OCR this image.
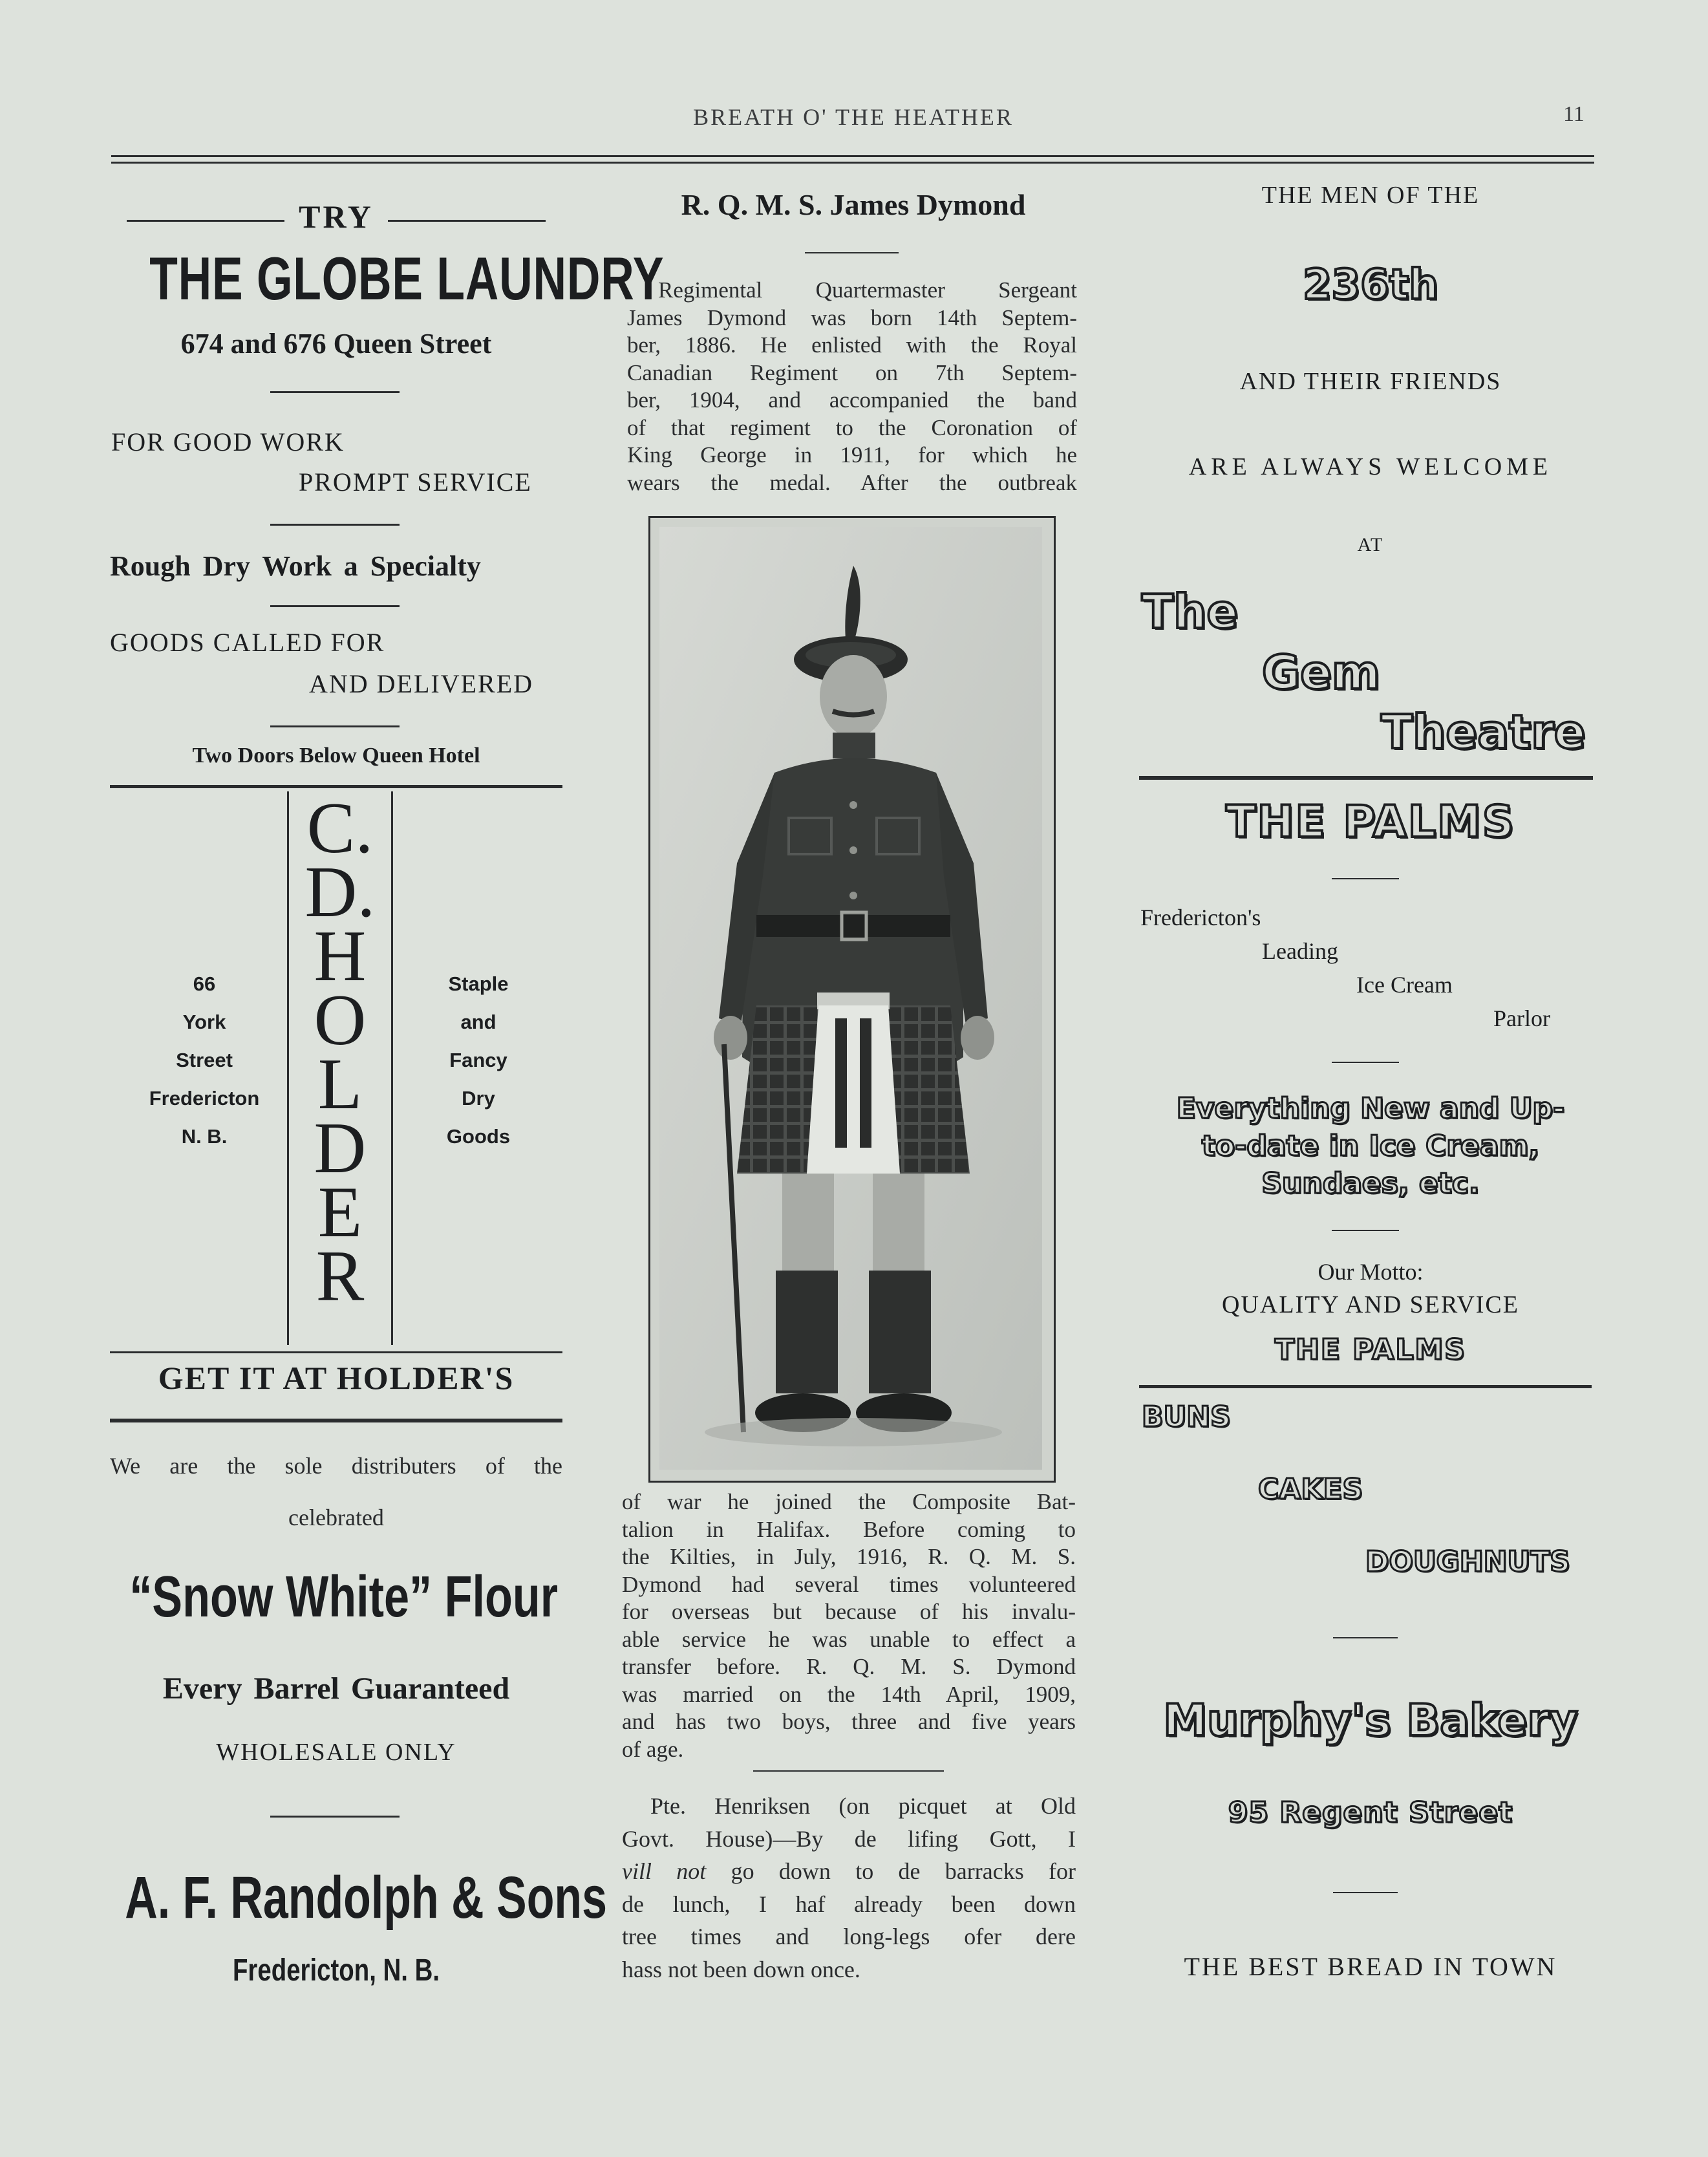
BREATH O' THE HEATHER	11
TRY
THE GLOBE LAUNDRY
674 and 676 Queen Street
FOR GOOD WORK
PROMPT SERVICE
Rough Dry Work a Specialty
GOODS CALLED FOR
AND DELIVERED
Two Doors Below Queen Hotel
C.
D.
H
O
L
D
E
R
66
York
Street
Fredericton
N. B.
Staple
and
Fancy
Dry
Goods
GET IT AT HOLDER'S
We are the sole distributers of the
celebrated
“Snow White” Flour
Every Barrel Guaranteed
WHOLESALE ONLY
A. F. Randolph & Sons
Fredericton, N. B.
R. Q. M. S. James Dymond
Regimental Quartermaster Sergeant
James Dymond was born 14th Septem-
ber, 1886. He enlisted with the Royal
Canadian Regiment on 7th Septem-
ber, 1904, and accompanied the band
of that regiment to the Coronation of
King George in 1911, for which he
wears the medal. After the outbreak
of war he joined the Composite Bat-
talion in Halifax. Before coming to
the Kilties, in July, 1916, R. Q. M. S.
Dymond had several times volunteered
for overseas but because of his invalu-
able service he was unable to effect a
transfer before. R. Q. M. S. Dymond
was married on the 14th April, 1909,
and has two boys, three and five years
of age.
Pte. Henriksen (on picquet at Old
Govt. House)—By de lifing Gott, I
vill not go down to de barracks for
de lunch, I haf already been down
tree times and long-legs ofer dere
hass not been down once.
THE MEN OF THE
236th
AND THEIR FRIENDS
ARE ALWAYS WELCOME
AT
The
Gem
Theatre
THE PALMS
Fredericton's
Leading
Ice Cream
Parlor
Everything New and Up-
to-date in Ice Cream,
Sundaes, etc.
Our Motto:
QUALITY AND SERVICE
THE PALMS
BUNS
CAKES
DOUGHNUTS
Murphy's Bakery
95 Regent Street
THE BEST BREAD IN TOWN
